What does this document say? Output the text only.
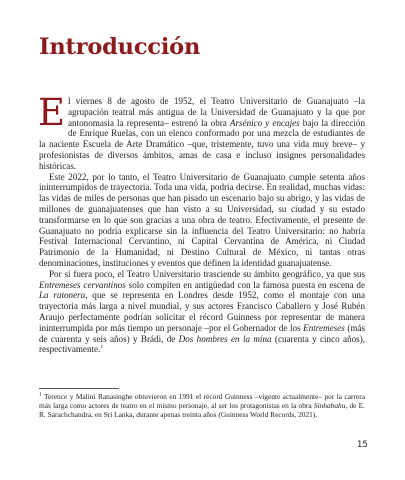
Introducción

El viernes 8 de agosto de 1952, el Teatro Universitario de Guanajuato –la agrupación teatral más antigua de la Universidad de Guanajuato y la que por antonomasia la representa– estrenó la obra Arsénico y encajes bajo la dirección de Enrique Ruelas, con un elenco conformado por una mezcla de estudiantes de la naciente Escuela de Arte Dramático –que, tristemente, tuvo una vida muy breve– y profesionistas de diversos ámbitos, amas de casa e incluso insignes personalidades históricas.

Este 2022, por lo tanto, el Teatro Universitario de Guanajuato cumple setenta años ininterrumpidos de trayectoria. Toda una vida, podría decirse. En realidad, muchas vidas: las vidas de miles de personas que han pisado un escenario bajo su abrigo, y las vidas de millones de guanajuatenses que han visto a su Universidad, su ciudad y su estado transformarse en lo que son gracias a una obra de teatro. Efectivamente, el presente de Guanajuato no podría explicarse sin la influencia del Teatro Universitario: no habría Festival Internacional Cervantino, ni Capital Cervantina de América, ni Ciudad Patrimonio de la Humanidad, ni Destino Cultural de México, ni tantas otras denominaciones, instituciones y eventos que definen la identidad guanajuatense.

Por si fuera poco, el Teatro Universitario trasciende su ámbito geográfico, ya que sus Entremeses cervantinos solo compiten en antigüedad con la famosa puesta en escena de La ratonera, que se representa en Londres desde 1952, como el montaje con una trayectoria más larga a nivel mundial, y sus actores Francisco Caballero y José Rubén Araujo perfectamente podrían solicitar el récord Guinness por representar de manera ininterrumpida por más tiempo un personaje –por el Gobernador de los Entremeses (más de cuarenta y seis años) y Brádi, de Dos hombres en la mina (cuarenta y cinco años), respectivamente.$^1$

$^1$ Terence y Malini Ranasinghe obtuvieron en 1991 el récord Guinness –vigente actualmente– por la carrera más larga como actores de teatro en el mismo personaje, al ser los protagonistas en la obra Sinhabahu, de E. R. Sarachchandra, en Sri Lanka, durante apenas treinta años (Guinness World Records, 2021).

15
